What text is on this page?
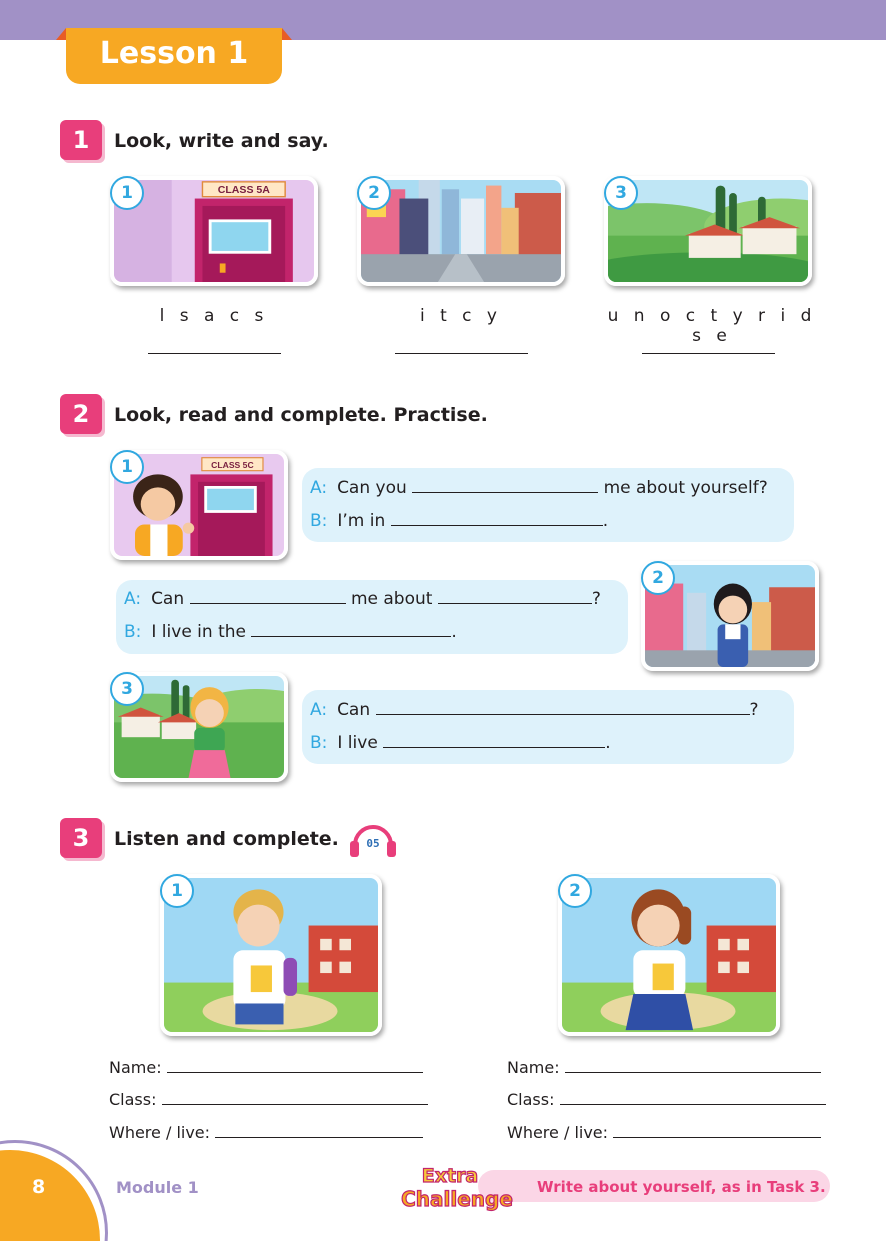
Lesson 1
1	Look, write and say.
CLASS 5A
1	2	3
l s a c s	i t c y	u n o c t y r i d s e
2	Look, read and complete. Practise.
CLASS 5C
1
A: Can you	me about yourself?
B: I’m in	.
A: Can	me about	?
B: I live in the	.
2
3
A: Can	?
B: I live	.
3	Listen and complete. 05
1	2
Name:
Class:
Where / live:
Name:
Class:
Where / live:
8	Module 1	Write about yourself, as in Task 3.
Extra
Challenge
